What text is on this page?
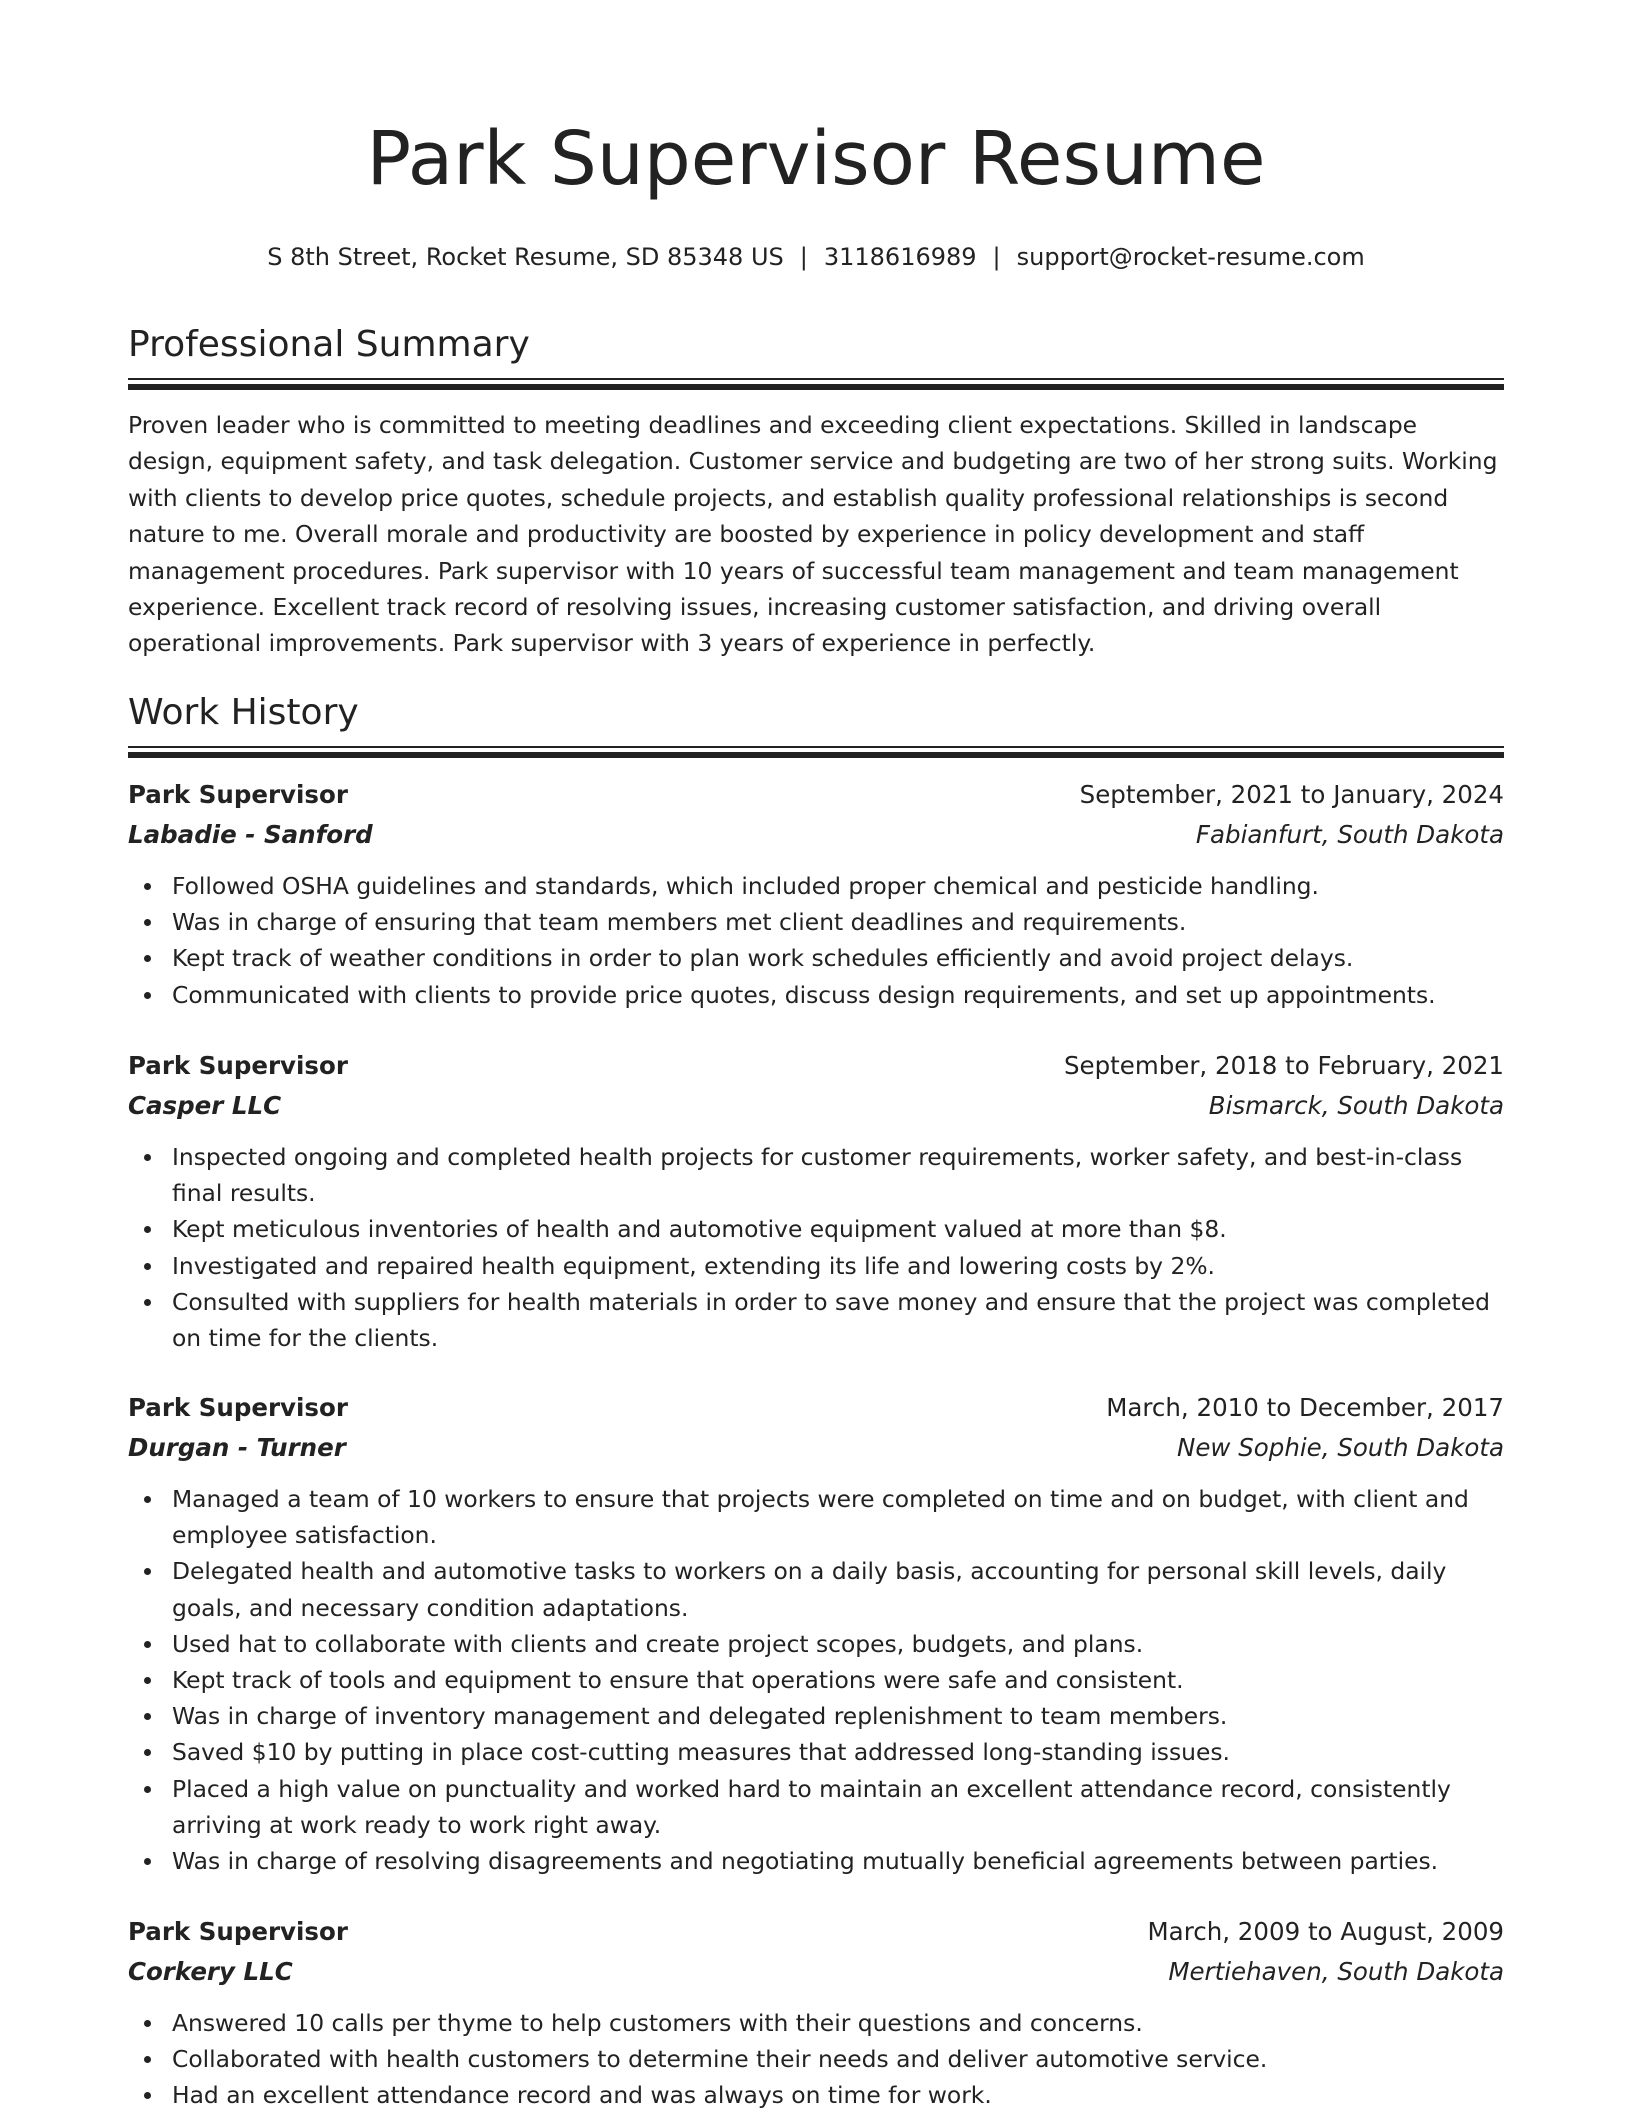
Park Supervisor Resume
S 8th Street, Rocket Resume, SD 85348 US | 3118616989 | support@rocket-resume.com
Professional Summary

Proven leader who is committed to meeting deadlines and exceeding client expectations. Skilled in landscape design, equipment safety, and task delegation. Customer service and budgeting are two of her strong suits. Working with clients to develop price quotes, schedule projects, and establish quality professional relationships is second nature to me. Overall morale and productivity are boosted by experience in policy development and staff management procedures. Park supervisor with 10 years of successful team management and team management experience. Excellent track record of resolving issues, increasing customer satisfaction, and driving overall operational improvements. Park supervisor with 3 years of experience in perfectly.

Work History
Park Supervisor	September, 2021 to January, 2024
Labadie - Sanford	Fabianfurt, South Dakota
Followed OSHA guidelines and standards, which included proper chemical and pesticide handling.
Was in charge of ensuring that team members met client deadlines and requirements.
Kept track of weather conditions in order to plan work schedules efficiently and avoid project delays.
Communicated with clients to provide price quotes, discuss design requirements, and set up appointments.
Park Supervisor	September, 2018 to February, 2021
Casper LLC	Bismarck, South Dakota
Inspected ongoing and completed health projects for customer requirements, worker safety, and best-in-class final results.
Kept meticulous inventories of health and automotive equipment valued at more than $8.
Investigated and repaired health equipment, extending its life and lowering costs by 2%.
Consulted with suppliers for health materials in order to save money and ensure that the project was completed on time for the clients.
Park Supervisor	March, 2010 to December, 2017
Durgan - Turner	New Sophie, South Dakota
Managed a team of 10 workers to ensure that projects were completed on time and on budget, with client and employee satisfaction.
Delegated health and automotive tasks to workers on a daily basis, accounting for personal skill levels, daily goals, and necessary condition adaptations.
Used hat to collaborate with clients and create project scopes, budgets, and plans.
Kept track of tools and equipment to ensure that operations were safe and consistent.
Was in charge of inventory management and delegated replenishment to team members.
Saved $10 by putting in place cost-cutting measures that addressed long-standing issues.
Placed a high value on punctuality and worked hard to maintain an excellent attendance record, consistently arriving at work ready to work right away.
Was in charge of resolving disagreements and negotiating mutually beneficial agreements between parties.
Park Supervisor	March, 2009 to August, 2009
Corkery LLC	Mertiehaven, South Dakota
Answered 10 calls per thyme to help customers with their questions and concerns.
Collaborated with health customers to determine their needs and deliver automotive service.
Had an excellent attendance record and was always on time for work.
